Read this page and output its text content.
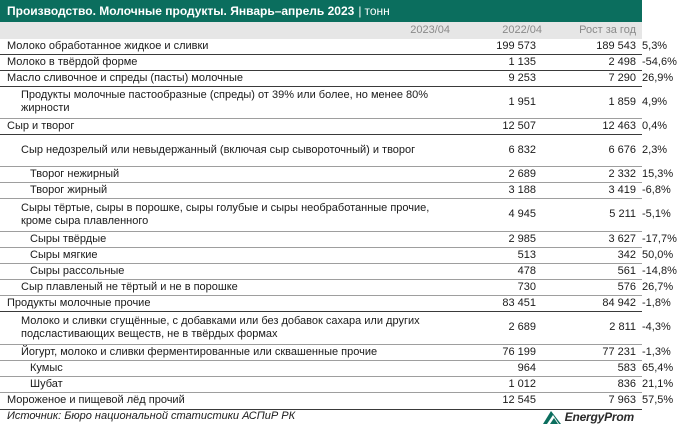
Производство. Молочные продукты. Январь–апрель 2023 | тонн
2023/04	2022/04	Рост за год
Молоко обработанное жидкое и сливки	199 573	189 543	5,3%
Молоко в твёрдой форме	1 135	2 498	-54,6%
Масло сливочное и спреды (пасты) молочные	9 253	7 290	26,9%
Продукты молочные пастообразные (спреды) от 39% или более, но менее 80% жирности	1 951	1 859	4,9%
Сыр и творог	12 507	12 463	0,4%
Сыр недозрелый или невыдержанный (включая сыр сывороточный) и творог	6 832	6 676	2,3%
Творог нежирный	2 689	2 332	15,3%
Творог жирный	3 188	3 419	-6,8%
Сыры тёртые, сыры в порошке, сыры голубые и сыры необработанные прочие, кроме сыра плавленного	4 945	5 211	-5,1%
Сыры твёрдые	2 985	3 627	-17,7%
Сыры мягкие	513	342	50,0%
Сыры рассольные	478	561	-14,8%
Сыр плавленый не тёртый и не в порошке	730	576	26,7%
Продукты молочные прочие	83 451	84 942	-1,8%
Молоко и сливки сгущённые, с добавками или без добавок сахара или других подсластивающих веществ, не в твёрдых формах	2 689	2 811	-4,3%
Йогурт, молоко и сливки ферментированные или сквашенные прочие	76 199	77 231	-1,3%
Кумыс	964	583	65,4%
Шубат	1 012	836	21,1%
Мороженое и пищевой лёд прочий	12 545	7 963	57,5%
Источник: Бюро национальной статистики АСПиР РК	EnergyProm
